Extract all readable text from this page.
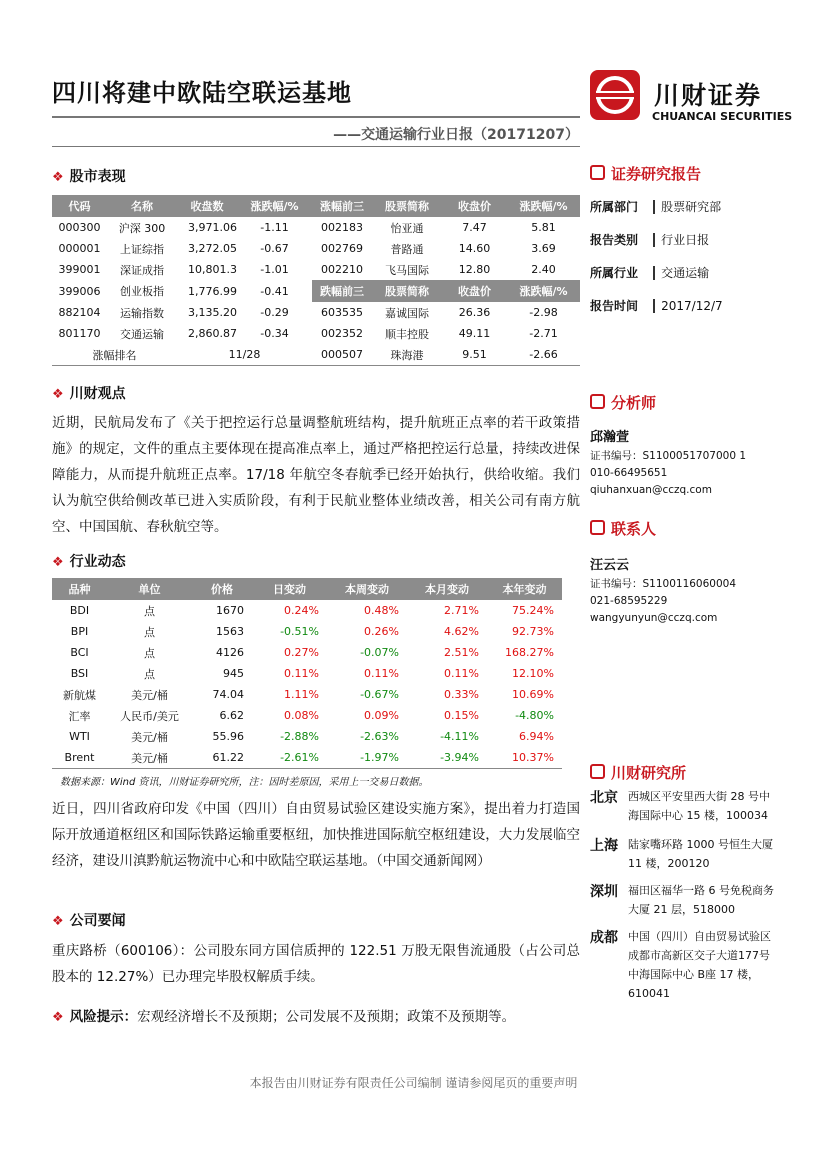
四川将建中欧陆空联运基地
——交通运输行业日报（20171207）
川财证券
CHUANCAI SECURITIES
❖ 股市表现
代码	名称	收盘数	涨跌幅/%	涨幅前三	股票简称	收盘价	涨跌幅/%
000300	沪深 300	3,971.06	-1.11	002183	怡亚通	7.47	5.81
000001	上证综指	3,272.05	-0.67	002769	普路通	14.60	3.69
399001	深证成指	10,801.3	-1.01	002210	飞马国际	12.80	2.40
399006	创业板指	1,776.99	-0.41	跌幅前三	股票简称	收盘价	涨跌幅/%
882104	运输指数	3,135.20	-0.29	603535	嘉诚国际	26.36	-2.98
801170	交通运输	2,860.87	-0.34	002352	顺丰控股	49.11	-2.71
涨幅排名		11/28		000507	珠海港	9.51	-2.66
❖ 川财观点
近期，民航局发布了《关于把控运行总量调整航班结构，提升航班正点率的若干政策措施》的规定，文件的重点主要体现在提高准点率上，通过严格把控运行总量，持续改进保障能力，从而提升航班正点率。17/18 年航空冬春航季已经开始执行，供给收缩。我们认为航空供给侧改革已进入实质阶段，有利于民航业整体业绩改善，相关公司有南方航空、中国国航、春秋航空等。
❖ 行业动态
品种	单位	价格	日变动	本周变动	本月变动	本年变动
BDI	点	1670	0.24%	0.48%	2.71%	75.24%
BPI	点	1563	-0.51%	0.26%	4.62%	92.73%
BCI	点	4126	0.27%	-0.07%	2.51%	168.27%
BSI	点	945	0.11%	0.11%	0.11%	12.10%
新航煤	美元/桶	74.04	1.11%	-0.67%	0.33%	10.69%
汇率	人民币/美元	6.62	0.08%	0.09%	0.15%	-4.80%
WTI	美元/桶	55.96	-2.88%	-2.63%	-4.11%	6.94%
Brent	美元/桶	61.22	-2.61%	-1.97%	-3.94%	10.37%
数据来源：Wind 资讯，川财证券研究所，注：因时差原因，采用上一交易日数据。
近日，四川省政府印发《中国（四川）自由贸易试验区建设实施方案》，提出着力打造国际开放通道枢纽区和国际铁路运输重要枢纽，加快推进国际航空枢纽建设，大力发展临空经济，建设川滇黔航运物流中心和中欧陆空联运基地。（中国交通新闻网）
❖ 公司要闻
重庆路桥（600106）：公司股东同方国信质押的 122.51 万股无限售流通股（占公司总股本的 12.27%）已办理完毕股权解质手续。
❖ 风险提示：宏观经济增长不及预期；公司发展不及预期；政策不及预期等。
证券研究报告
所属部门 股票研究部
报告类别 行业日报
所属行业 交通运输
报告时间 2017/12/7
分析师
邱瀚萱
证书编号：S1100051707000 1
010-66495651
qiuhanxuan@cczq.com
联系人
汪云云
证书编号：S1100116060004
021-68595229
wangyunyun@cczq.com
川财研究所
北京 西城区平安里西大街 28 号中
海国际中心 15 楼，100034
上海 陆家嘴环路 1000 号恒生大厦
11 楼，200120
深圳 福田区福华一路 6 号免税商务
大厦 21 层，518000
成都 中国（四川）自由贸易试验区
成都市高新区交子大道177号
中海国际中心 B座 17 楼，
610041
本报告由川财证券有限责任公司编制 谨请参阅尾页的重要声明
